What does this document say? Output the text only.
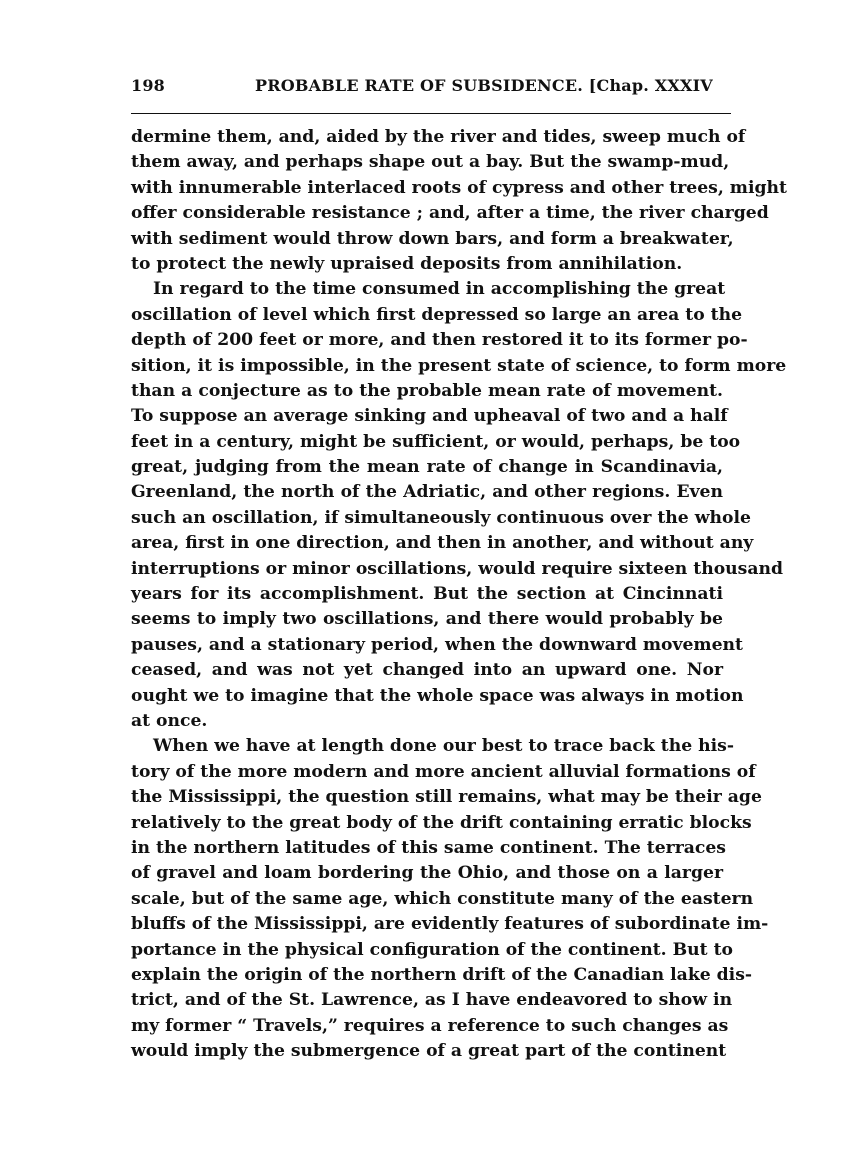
198	PROBABLE RATE OF SUBSIDENCE. [Chap. XXXIV
dermine them, and, aided by the river and tides, sweep much of
them away, and perhaps shape out a bay. But the swamp-mud,
with innumerable interlaced roots of cypress and other trees, might
offer considerable resistance ; and, after a time, the river charged
with sediment would throw down bars, and form a breakwater,
to protect the newly upraised deposits from annihilation.
In regard to the time consumed in accomplishing the great
oscillation of level which first depressed so large an area to the
depth of 200 feet or more, and then restored it to its former po-
sition, it is impossible, in the present state of science, to form more
than a conjecture as to the probable mean rate of movement.
To suppose an average sinking and upheaval of two and a half
feet in a century, might be sufficient, or would, perhaps, be too
great, judging from the mean rate of change in Scandinavia,
Greenland, the north of the Adriatic, and other regions. Even
such an oscillation, if simultaneously continuous over the whole
area, first in one direction, and then in another, and without any
interruptions or minor oscillations, would require sixteen thousand
years for its accomplishment. But the section at Cincinnati
seems to imply two oscillations, and there would probably be
pauses, and a stationary period, when the downward movement
ceased, and was not yet changed into an upward one. Nor
ought we to imagine that the whole space was always in motion
at once.
When we have at length done our best to trace back the his-
tory of the more modern and more ancient alluvial formations of
the Mississippi, the question still remains, what may be their age
relatively to the great body of the drift containing erratic blocks
in the northern latitudes of this same continent. The terraces
of gravel and loam bordering the Ohio, and those on a larger
scale, but of the same age, which constitute many of the eastern
bluffs of the Mississippi, are evidently features of subordinate im-
portance in the physical configuration of the continent. But to
explain the origin of the northern drift of the Canadian lake dis-
trict, and of the St. Lawrence, as I have endeavored to show in
my former “ Travels,” requires a reference to such changes as
would imply the submergence of a great part of the continent
